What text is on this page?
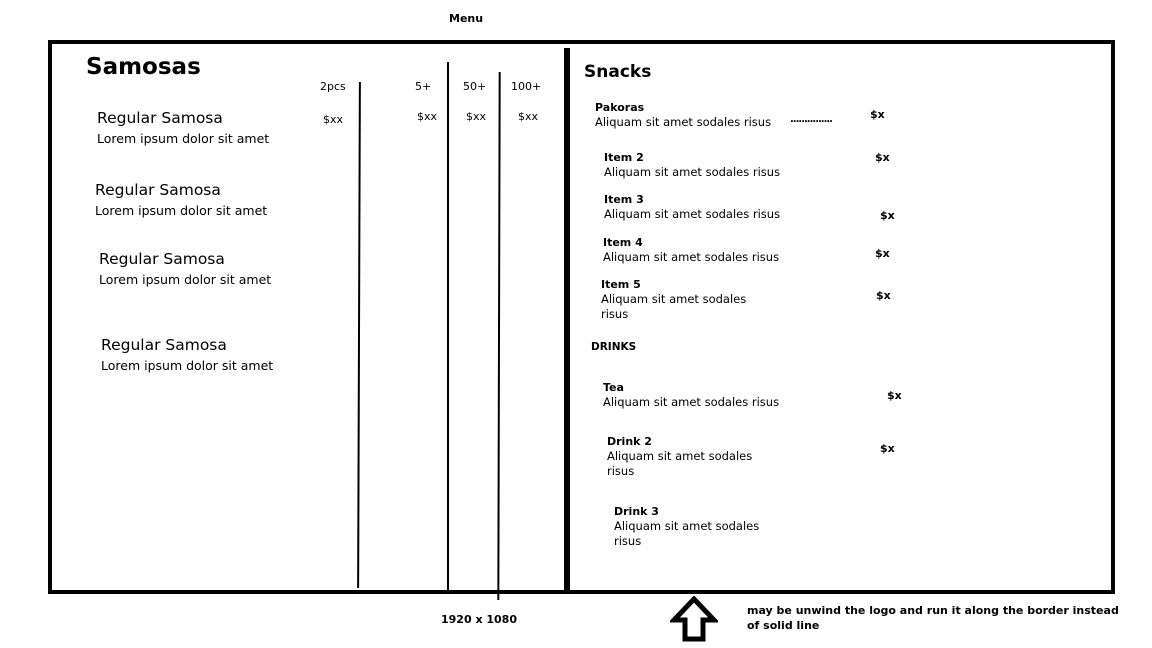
Menu
Samosas
2pcs	5+	50+ 100+
$xx	$xx	$xx	$xx
Regular Samosa
Lorem ipsum dolor sit amet
Regular Samosa
Lorem ipsum dolor sit amet
Regular Samosa
Lorem ipsum dolor sit amet
Regular Samosa
Lorem ipsum dolor sit amet
Snacks
Pakoras
Aliquam sit amet sodales risus ...............	$x
Item 2
Aliquam sit amet sodales risus
$x
Item 3
Aliquam sit amet sodales risus	$x
Item 4
Aliquam sit amet sodales risus	$x
Item 5
Aliquam sit amet sodales risus
$x
DRINKS
Tea
Aliquam sit amet sodales risus	$x
Drink 2
Aliquam sit amet sodales risus
$x
Drink 3
Aliquam sit amet sodales risus
1920 x 1080
may be unwind the logo and run it along the border instead of solid line
